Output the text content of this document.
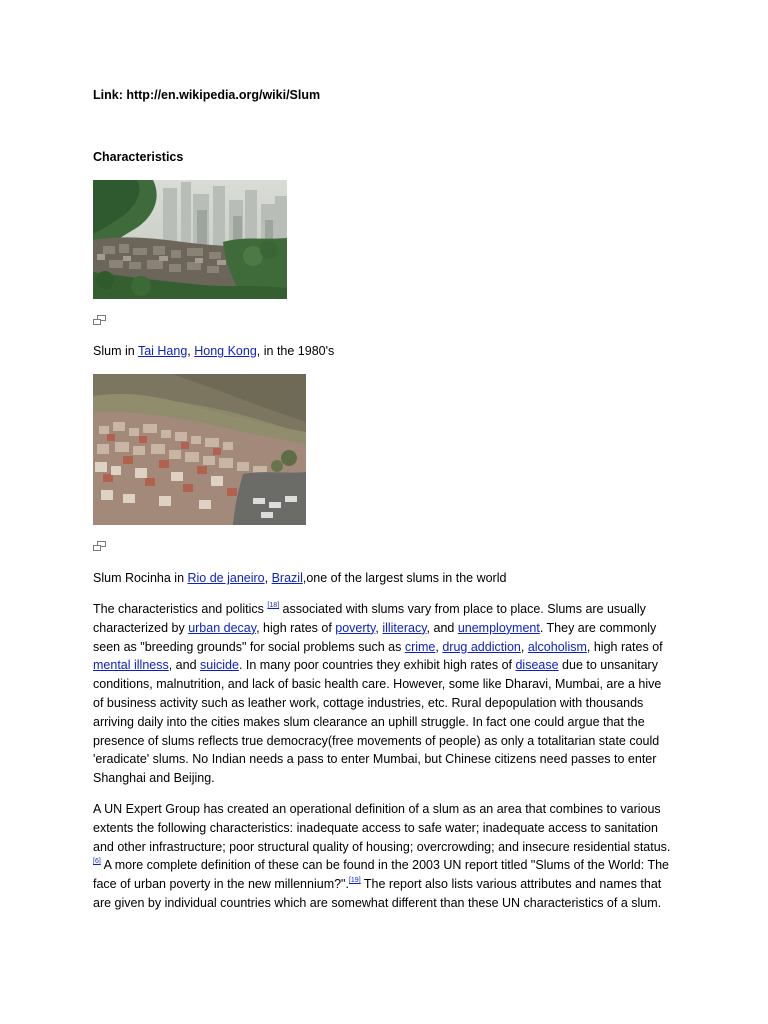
Link: http://en.wikipedia.org/wiki/Slum
Characteristics
Slum in Tai Hang, Hong Kong, in the 1980's
Slum Rocinha in Rio de janeiro, Brazil,one of the largest slums in the world

The characteristics and politics [18] associated with slums vary from place to place. Slums are usually characterized by urban decay, high rates of poverty, illiteracy, and unemployment. They are commonly seen as "breeding grounds" for social problems such as crime, drug addiction, alcoholism, high rates of mental illness, and suicide. In many poor countries they exhibit high rates of disease due to unsanitary conditions, malnutrition, and lack of basic health care. However, some like Dharavi, Mumbai, are a hive of business activity such as leather work, cottage industries, etc. Rural depopulation with thousands arriving daily into the cities makes slum clearance an uphill struggle. In fact one could argue that the presence of slums reflects true democracy(free movements of people) as only a totalitarian state could 'eradicate' slums. No Indian needs a pass to enter Mumbai, but Chinese citizens need passes to enter Shanghai and Beijing.

A UN Expert Group has created an operational definition of a slum as an area that combines to various extents the following characteristics: inadequate access to safe water; inadequate access to sanitation and other infrastructure; poor structural quality of housing; overcrowding; and insecure residential status.[6] A more complete definition of these can be found in the 2003 UN report titled "Slums of the World: The face of urban poverty in the new millennium?".[19] The report also lists various attributes and names that are given by individual countries which are somewhat different than these UN characteristics of a slum.
